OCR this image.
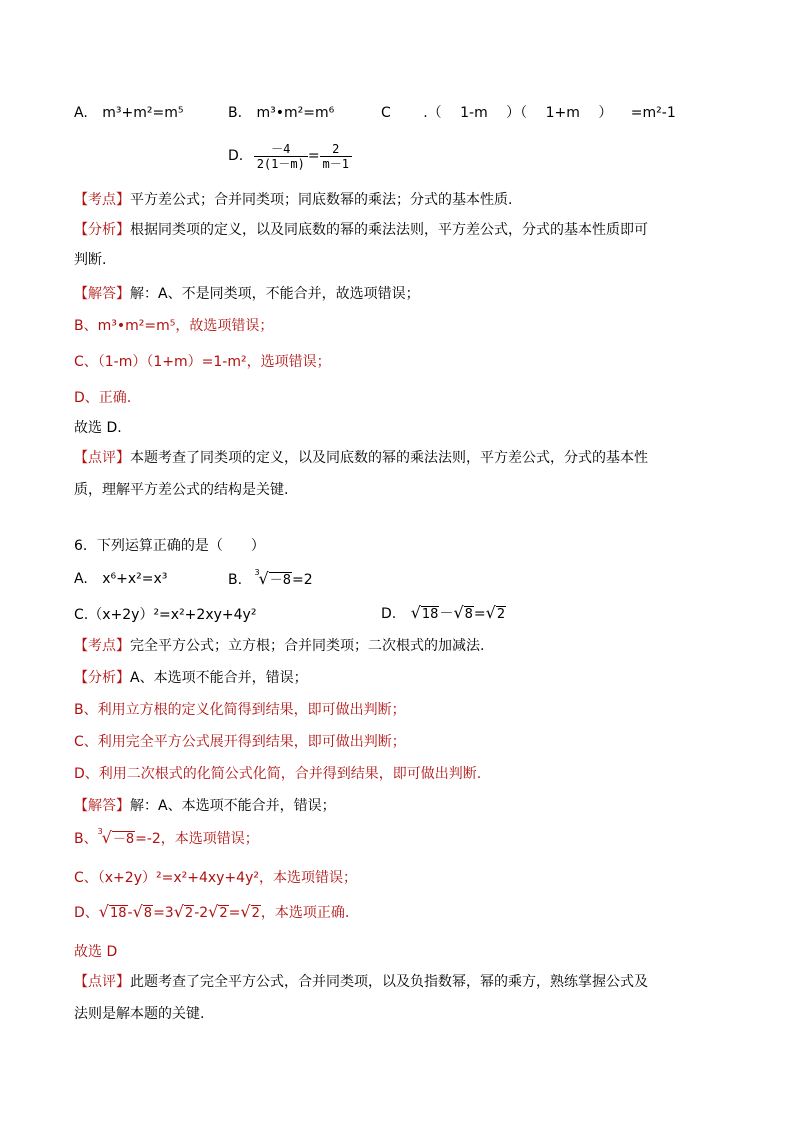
A. m³+m²=m⁵	B. m³•m²=m⁶	C .（ 1-m ）（ 1+m ） =m²-1
D. $\frac{-4}{2(1-m)} = \frac{2}{m-1}$
【考点】平方差公式；合并同类项；同底数幂的乘法；分式的基本性质.
【分析】根据同类项的定义，以及同底数的幂的乘法法则，平方差公式，分式的基本性质即可
判断.
【解答】解：A、不是同类项，不能合并，故选项错误；
B、m³•m²=m⁵，故选项错误；
C、（1-m）（1+m）=1-m²，选项错误；
D、正确.
故选 D.
【点评】本题考查了同类项的定义，以及同底数的幂的乘法法则，平方差公式，分式的基本性
质，理解平方差公式的结构是关键.
6．下列运算正确的是（　　）
A. x⁶+x²=x³	B. 3
√－8=2
C.（x+2y）²=x²+2xy+4y²	D. √18－√8=√2
【考点】完全平方公式；立方根；合并同类项；二次根式的加减法.
【分析】A、本选项不能合并，错误；
B、利用立方根的定义化简得到结果，即可做出判断；
C、利用完全平方公式展开得到结果，即可做出判断；
D、利用二次根式的化简公式化简，合并得到结果，即可做出判断.
【解答】解：A、本选项不能合并，错误；
B、 3
√－8=-2，本选项错误；
C、（x+2y）²=x²+4xy+4y²，本选项错误；
D、√18-√8=3√2-2√2=√2，本选项正确.
故选 D
【点评】此题考查了完全平方公式，合并同类项，以及负指数幂，幂的乘方，熟练掌握公式及
法则是解本题的关键.
